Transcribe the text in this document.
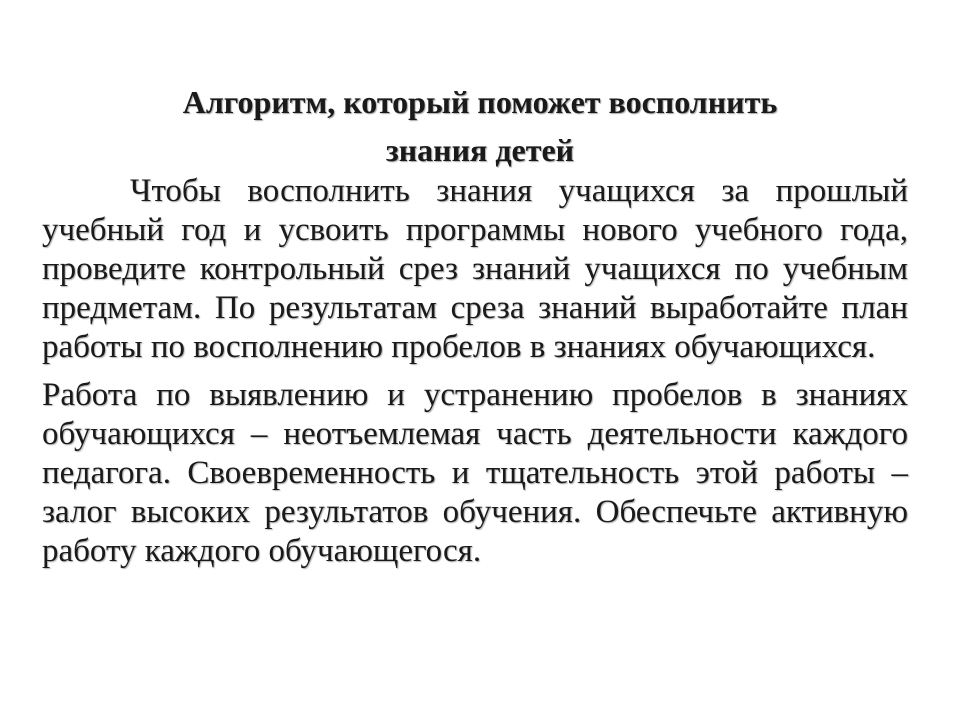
Алгоритм, который поможет восполнить
знания детей

Чтобы восполнить знания учащихся за прошлый учебный год и усвоить программы нового учебного года, проведите контрольный срез знаний учащихся по учебным предметам. По результатам среза знаний выработайте план работы по восполнению пробелов в знаниях обучающихся.

Работа по выявлению и устранению пробелов в знаниях обучающихся – неотъемлемая часть деятельности каждого педагога. Своевременность и тщательность этой работы – залог высоких результатов обучения. Обеспечьте активную работу каждого обучающегося.
